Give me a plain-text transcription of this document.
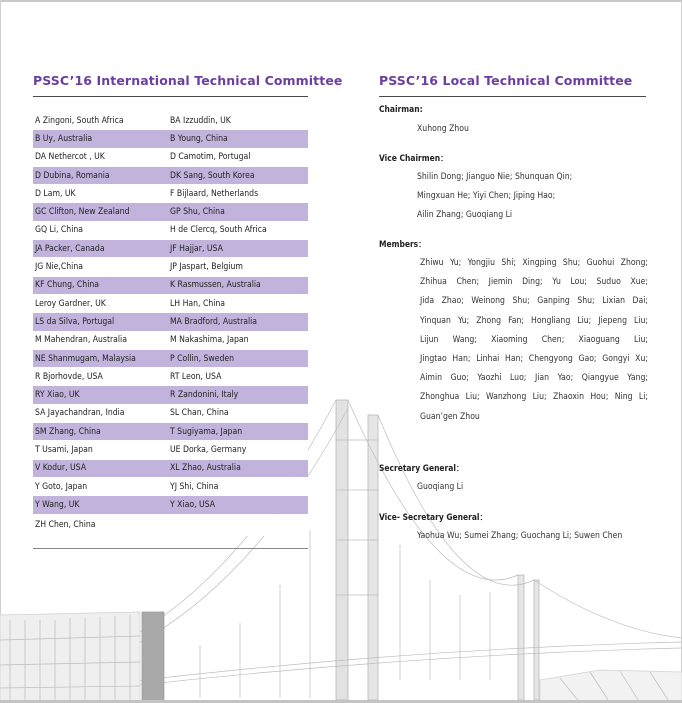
PSSC’16 International Technical Committee
A Zingoni, South Africa	BA Izzuddin, UK
B Uy, Australia	B Young, China
DA Nethercot , UK	D Camotim, Portugal
D Dubina, Romania	DK Sang, South Korea
D Lam, UK	F Bijlaard, Netherlands
GC Clifton, New Zealand	GP Shu, China
GQ Li, China	H de Clercq, South Africa
JA Packer, Canada	JF Hajjar, USA
JG Nie,China	JP Jaspart, Belgium
KF Chung, China	K Rasmussen, Australia
Leroy Gardner, UK	LH Han, China
LS da Silva, Portugal	MA Bradford, Australia
M Mahendran, Australia	M Nakashima, Japan
NE Shanmugam, Malaysia	P Collin, Sweden
R Bjorhovde, USA	RT Leon, USA
RY Xiao, UK	R Zandonini, Italy
SA Jayachandran, India	SL Chan, China
SM Zhang, China	T Sugiyama, Japan
T Usami, Japan	UE Dorka, Germany
V Kodur, USA	XL Zhao, Australia
Y Goto, Japan	YJ Shi, China
Y Wang, UK	Y Xiao, USA
ZH Chen, China	
PSSC’16 Local Technical Committee
Chairman:
Xuhong Zhou
Vice Chairmen：
Shilin Dong; Jianguo Nie; Shunquan Qin;
Mingxuan He; Yiyi Chen; Jiping Hao;
Ailin Zhang; Guoqiang Li
Members：
Zhiwu Yu; Yongjiu Shi; Xingping Shu; Guohui Zhong;
Zhihua Chen; Jiemin Ding; Yu Lou; Suduo Xue;
Jida Zhao; Weinong Shu; Ganping Shu; Lixian Dai;
Yinquan Yu; Zhong Fan; Hongliang Liu; Jiepeng Liu;
Lijun Wang; Xiaoming Chen; Xiaoguang Liu;
Jingtao Han; Linhai Han; Chengyong Gao; Gongyi Xu;
Aimin Guo; Yaozhi Luo; Jian Yao; Qiangyue Yang;
Zhonghua Liu; Wanzhong Liu; Zhaoxin Hou; Ning Li;
Guan’gen Zhou
Secretary General：
Guoqiang Li
Vice- Secretary General：
Yaohua Wu; Sumei Zhang; Guochang Li; Suwen Chen
